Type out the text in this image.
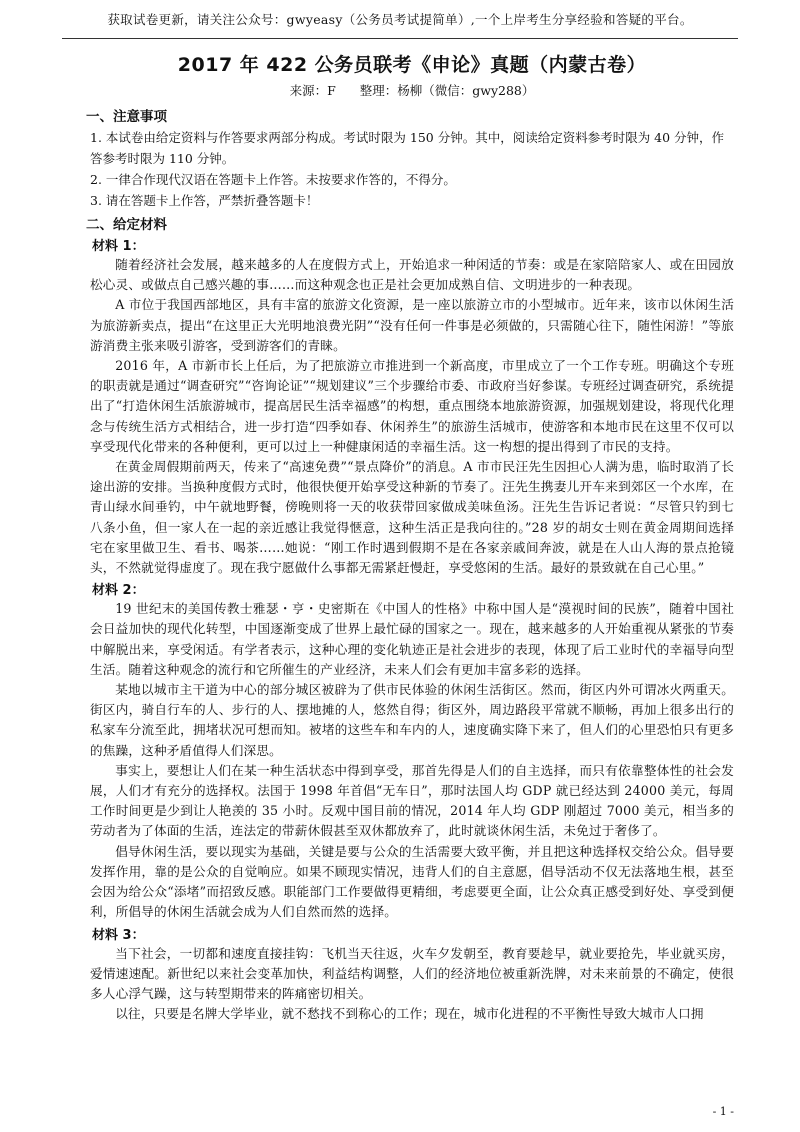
获取试卷更新，请关注公众号：gwyeasy（公务员考试提简单）,一个上岸考生分享经验和答疑的平台。
2017 年 422 公务员联考《申论》真题（内蒙古卷）
来源：F 整理：杨柳（微信：gwy288）
一、注意事项

1. 本试卷由给定资料与作答要求两部分构成。考试时限为 150 分钟。其中，阅读给定资料参考时限为 40 分钟，作答参考时限为 110 分钟。

2. 一律合作现代汉语在答题卡上作答。未按要求作答的，不得分。

3. 请在答题卡上作答，严禁折叠答题卡！

二、给定材料
材料 1：

随着经济社会发展，越来越多的人在度假方式上，开始追求一种闲适的节奏：或是在家陪陪家人、或在田园放松心灵、或做点自己感兴趣的事……而这种观念也正是社会更加成熟自信、文明进步的一种表现。

A 市位于我国西部地区，具有丰富的旅游文化资源，是一座以旅游立市的小型城市。近年来，该市以休闲生活为旅游新卖点，提出“在这里正大光明地浪费光阴”“没有任何一件事是必须做的，只需随心往下，随性闲游！”等旅游消费主张来吸引游客，受到游客们的青睐。

2016 年，A 市新市长上任后，为了把旅游立市推进到一个新高度，市里成立了一个工作专班。明确这个专班的职责就是通过“调查研究”“咨询论证”“规划建议”三个步骤给市委、市政府当好参谋。专班经过调查研究，系统提出了“打造休闲生活旅游城市，提高居民生活幸福感”的构想，重点围绕本地旅游资源，加强规划建设，将现代化理念与传统生活方式相结合，进一步打造“四季如春、休闲养生”的旅游生活城市，使游客和本地市民在这里不仅可以享受现代化带来的各种便利，更可以过上一种健康闲适的幸福生活。这一构想的提出得到了市民的支持。

在黄金周假期前两天，传来了“高速免费”“景点降价”的消息。A 市市民汪先生因担心人满为患，临时取消了长途出游的安排。当换种度假方式时，他很快便开始享受这种新的节奏了。汪先生携妻儿开车来到郊区一个水库，在青山绿水间垂钓，中午就地野餐，傍晚则将一天的收获带回家做成美味鱼汤。汪先生告诉记者说：“尽管只钓到七八条小鱼，但一家人在一起的亲近感让我觉得惬意，这种生活正是我向往的。”28 岁的胡女士则在黄金周期间选择宅在家里做卫生、看书、喝茶……她说：“刚工作时遇到假期不是在各家亲戚间奔波，就是在人山人海的景点抢镜头，不然就觉得虚度了。现在我宁愿做什么事都无需紧赶慢赶，享受悠闲的生活。最好的景致就在自己心里。”

材料 2：

19 世纪末的美国传教士雅瑟・亨・史密斯在《中国人的性格》中称中国人是“漠视时间的民族”，随着中国社会日益加快的现代化转型，中国逐渐变成了世界上最忙碌的国家之一。现在，越来越多的人开始重视从紧张的节奏中解脱出来，享受闲适。有学者表示，这种心理的变化轨迹正是社会进步的表现，体现了后工业时代的幸福导向型生活。随着这种观念的流行和它所催生的产业经济，未来人们会有更加丰富多彩的选择。

某地以城市主干道为中心的部分城区被辟为了供市民体验的休闲生活街区。然而，街区内外可谓冰火两重天。街区内，骑自行车的人、步行的人、摆地摊的人，悠然自得；街区外，周边路段平常就不顺畅，再加上很多出行的私家车分流至此，拥堵状况可想而知。被堵的这些车和车内的人，速度确实降下来了，但人们的心里恐怕只有更多的焦躁，这种矛盾值得人们深思。

事实上，要想让人们在某一种生活状态中得到享受，那首先得是人们的自主选择，而只有依靠整体性的社会发展，人们才有充分的选择权。法国于 1998 年首倡“无车日”，那时法国人均 GDP 就已经达到 24000 美元，每周工作时间更是少到让人艳羡的 35 小时。反观中国目前的情况，2014 年人均 GDP 刚超过 7000 美元，相当多的劳动者为了体面的生活，连法定的带薪休假甚至双休都放弃了，此时就谈休闲生活，未免过于奢侈了。

倡导休闲生活，要以现实为基础，关键是要与公众的生活需要大致平衡，并且把这种选择权交给公众。倡导要发挥作用，靠的是公众的自觉响应。如果不顾现实情况，违背人们的自主意愿，倡导活动不仅无法落地生根，甚至会因为给公众“添堵”而招致反感。职能部门工作要做得更精细，考虑要更全面，让公众真正感受到好处、享受到便利，所倡导的休闲生活就会成为人们自然而然的选择。

材料 3：

当下社会，一切都和速度直接挂钩：飞机当天往返，火车夕发朝至，教育要趁早，就业要抢先，毕业就买房，爱情速速配。新世纪以来社会变革加快，利益结构调整，人们的经济地位被重新洗牌，对未来前景的不确定，使很多人心浮气躁，这与转型期带来的阵痛密切相关。

以往，只要是名牌大学毕业，就不愁找不到称心的工作；现在，城市化进程的不平衡性导致大城市人口拥

- 1 -
